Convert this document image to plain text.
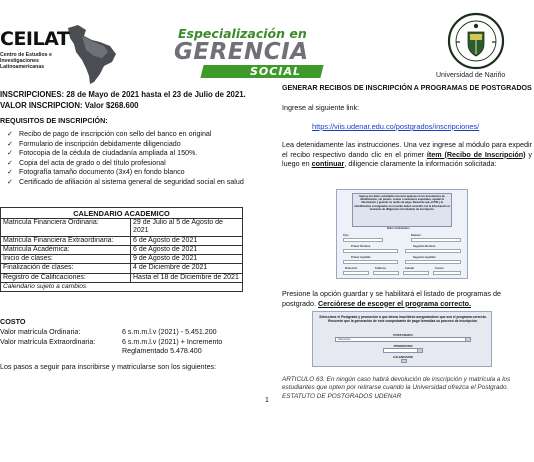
CEILAT
Centro de Estudios e Investigaciones Latinoamericanas
Especialización en
GERENCIA
SOCIAL	Universidad de Nariño
INSCRIPCIONES: 28 de Mayo de 2021 hasta el 23 de Julio de 2021.
VALOR INSCRIPCION: Valor $268.600
REQUISITOS DE INSCRIPCIÓN:
✓ Recibo de pago de inscripción con sello del banco en original
✓ Formulario de inscripción debidamente diligenciado
✓ Fotocopia de la cédula de ciudadanía ampliada al 150%.
✓ Copia del acta de grado o del título profesional
✓ Fotografía tamaño documento (3x4) en fondo blanco
✓ Certificado de afiliación al sistema general de seguridad social en salud
CALENDARIO ACADEMICO	
Matricula Financiera Ordinaria:	29 de Julio al 5 de Agosto de 2021
Matricula Financiera Extraordinaria:	6 de Agosto de 2021
Matricula Académica:	6 de Agosto de 2021
Inicio de clases:	9 de Agosto de 2021
Finalización de clases:	4 de Diciembre de 2021
Registro de Calificaciones:	Hasta el 18 de Diciembre de 2021
Calendario sujeto a cambios	
COSTO
Valor matrícula Ordinaria:	6 s.m.m.l.v (2021) - 5.451.200
Valor matrícula Extraordinaria:	6 s.m.m.l.v (2021) + Incremento Reglamentado 5.478.400
Los pasos a seguir para inscribirse y matricularse son los siguientes:
GENERAR RECIBOS DE INSCRIPCIÓN A PROGRAMAS DE POSTGRADOS
Ingrese al siguiente link:
https://viis.udenar.edu.co/postgrados/inscripciones/
Lea detenidamente las instrucciones. Una vez ingrese al módulo para expedir el recibo respectivo dando clic en el primer ítem (Recibo de Inscripción) y luego en continuar, diligencie claramente la información solicitada:
Ingrese los datos solicitados tal como aparece en los documentos de identificación, sin puntos, comas o caracteres especiales, ayudar la información y generar su recibo de pago. Recuerde que el PIN y la identificación consignados en el recibo deben coincidir con la información al momento de diligenciar el formulario de inscripción.
Datos Solicitados
Tipo	Número
Primer Nombre	Segundo Nombre
Primer Apellido	Segundo Apellido
Dirección	Teléfono	Celular	Correo
Presione la opción guardar y se habilitará el listado de programas de postgrado. Cerciórese de escoger el programa correcto.
Seleccione el Postgrado y promoción a que desea inscribirse asegurándose que sea el programa correcto. Recuerde que la generación de este comprobante de pago formaliza su proceso de inscripción.
POSTGRADO
Seleccione
PROMOCION
CALENDARIO
ARTICULO 63. En ningún caso habrá devolución de inscripción y matrícula a los estudiantes que opten por retirarse cuando la Universidad ofrezca el Postgrado. ESTATUTO DE POSTGRADOS UDENAR
1
